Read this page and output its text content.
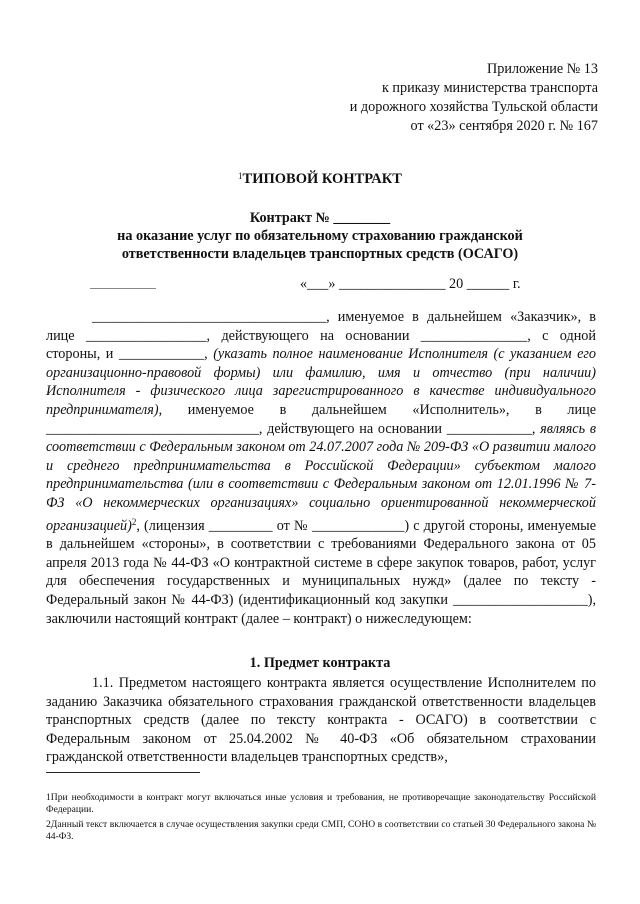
Приложение № 13
к приказу министерства транспорта
и дорожного хозяйства Тульской области
от «23» сентября 2020 г. № 167
$^1$ТИПОВОЙ КОНТРАКТ
Контракт № ________
на оказание услуг по обязательному страхованию гражданской
ответственности владельцев транспортных средств (ОСАГО)
«___» _______________ 20 ______ г.

_________________________________, именуемое в дальнейшем «Заказчик», в лице _________________, действующего на основании _______________, с одной стороны, и ____________, (указать полное наименование Исполнителя (с указанием его организационно-правовой формы) или фамилию, имя и отчество (при наличии) Исполнителя - физического лица зарегистрированного в качестве индивидуального предпринимателя), именуемое в дальнейшем «Исполнитель», в лице ______________________________, действующего на основании ____________, являясь в соответствии с Федеральным законом от 24.07.2007 года № 209-ФЗ «О развитии малого и среднего предпринимательства в Российской Федерации» субъектом малого предпринимательства (или в соответствии с Федеральным законом от 12.01.1996 № 7-ФЗ «О некоммерческих организациях» социально ориентированной некоммерческой организацией)$^2$, (лицензия _________ от № _____________) с другой стороны, именуемые в дальнейшем «стороны», в соответствии с требованиями Федерального закона от 05 апреля 2013 года № 44-ФЗ «О контрактной системе в сфере закупок товаров, работ, услуг для обеспечения государственных и муниципальных нужд» (далее по тексту - Федеральный закон № 44-ФЗ) (идентификационный код закупки ___________________), заключили настоящий контракт (далее – контракт) о нижеследующем:

1. Предмет контракта

1.1. Предметом настоящего контракта является осуществление Исполнителем по заданию Заказчика обязательного страхования гражданской ответственности владельцев транспортных средств (далее по тексту контракта - ОСАГО) в соответствии с Федеральным законом от 25.04.2002 № 40-ФЗ «Об обязательном страховании гражданской ответственности владельцев транспортных средств»,

1При необходимости в контракт могут включаться иные условия и требования, не противоречащие законодательству Российской Федерации.

2Данный текст включается в случае осуществления закупки среди СМП, СОНО в соответствии со статьей 30 Федерального закона № 44-ФЗ.
